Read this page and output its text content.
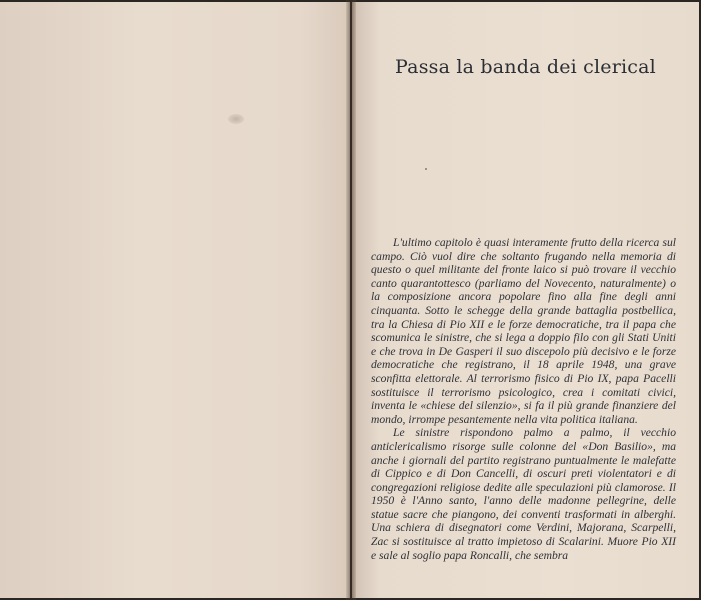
Passa la banda dei clerical

L'ultimo capitolo è quasi interamente frutto della ricerca sul campo. Ciò vuol dire che soltanto frugando nella memoria di questo o quel militante del fronte laico si può trovare il vecchio canto quarantottesco (parliamo del Novecento, naturalmente) o la composizione ancora popolare fino alla fine degli anni cinquanta. Sotto le schegge della grande battaglia postbellica, tra la Chiesa di Pio XII e le forze democratiche, tra il papa che scomunica le sinistre, che si lega a doppio filo con gli Stati Uniti e che trova in De Gasperi il suo discepolo più decisivo e le forze democratiche che registrano, il 18 aprile 1948, una grave sconfitta elettorale. Al terrorismo fisico di Pio IX, papa Pacelli sostituisce il terrorismo psicologico, crea i comitati civici, inventa le «chiese del silenzio», si fa il più grande finanziere del mondo, irrompe pesantemente nella vita politica italiana.

Le sinistre rispondono palmo a palmo, il vecchio anticlericalismo risorge sulle colonne del «Don Basilio», ma anche i giornali del partito registrano puntualmente le malefatte di Cippico e di Don Cancelli, di oscuri preti violentatori e di congregazioni religiose dedite alle speculazioni più clamorose. Il 1950 è l'Anno santo, l'anno delle madonne pellegrine, delle statue sacre che piangono, dei conventi trasformati in alberghi. Una schiera di disegnatori come Verdini, Majorana, Scarpelli, Zac si sostituisce al tratto impietoso di Scalarini. Muore Pio XII e sale al soglio papa Roncalli, che sembra
